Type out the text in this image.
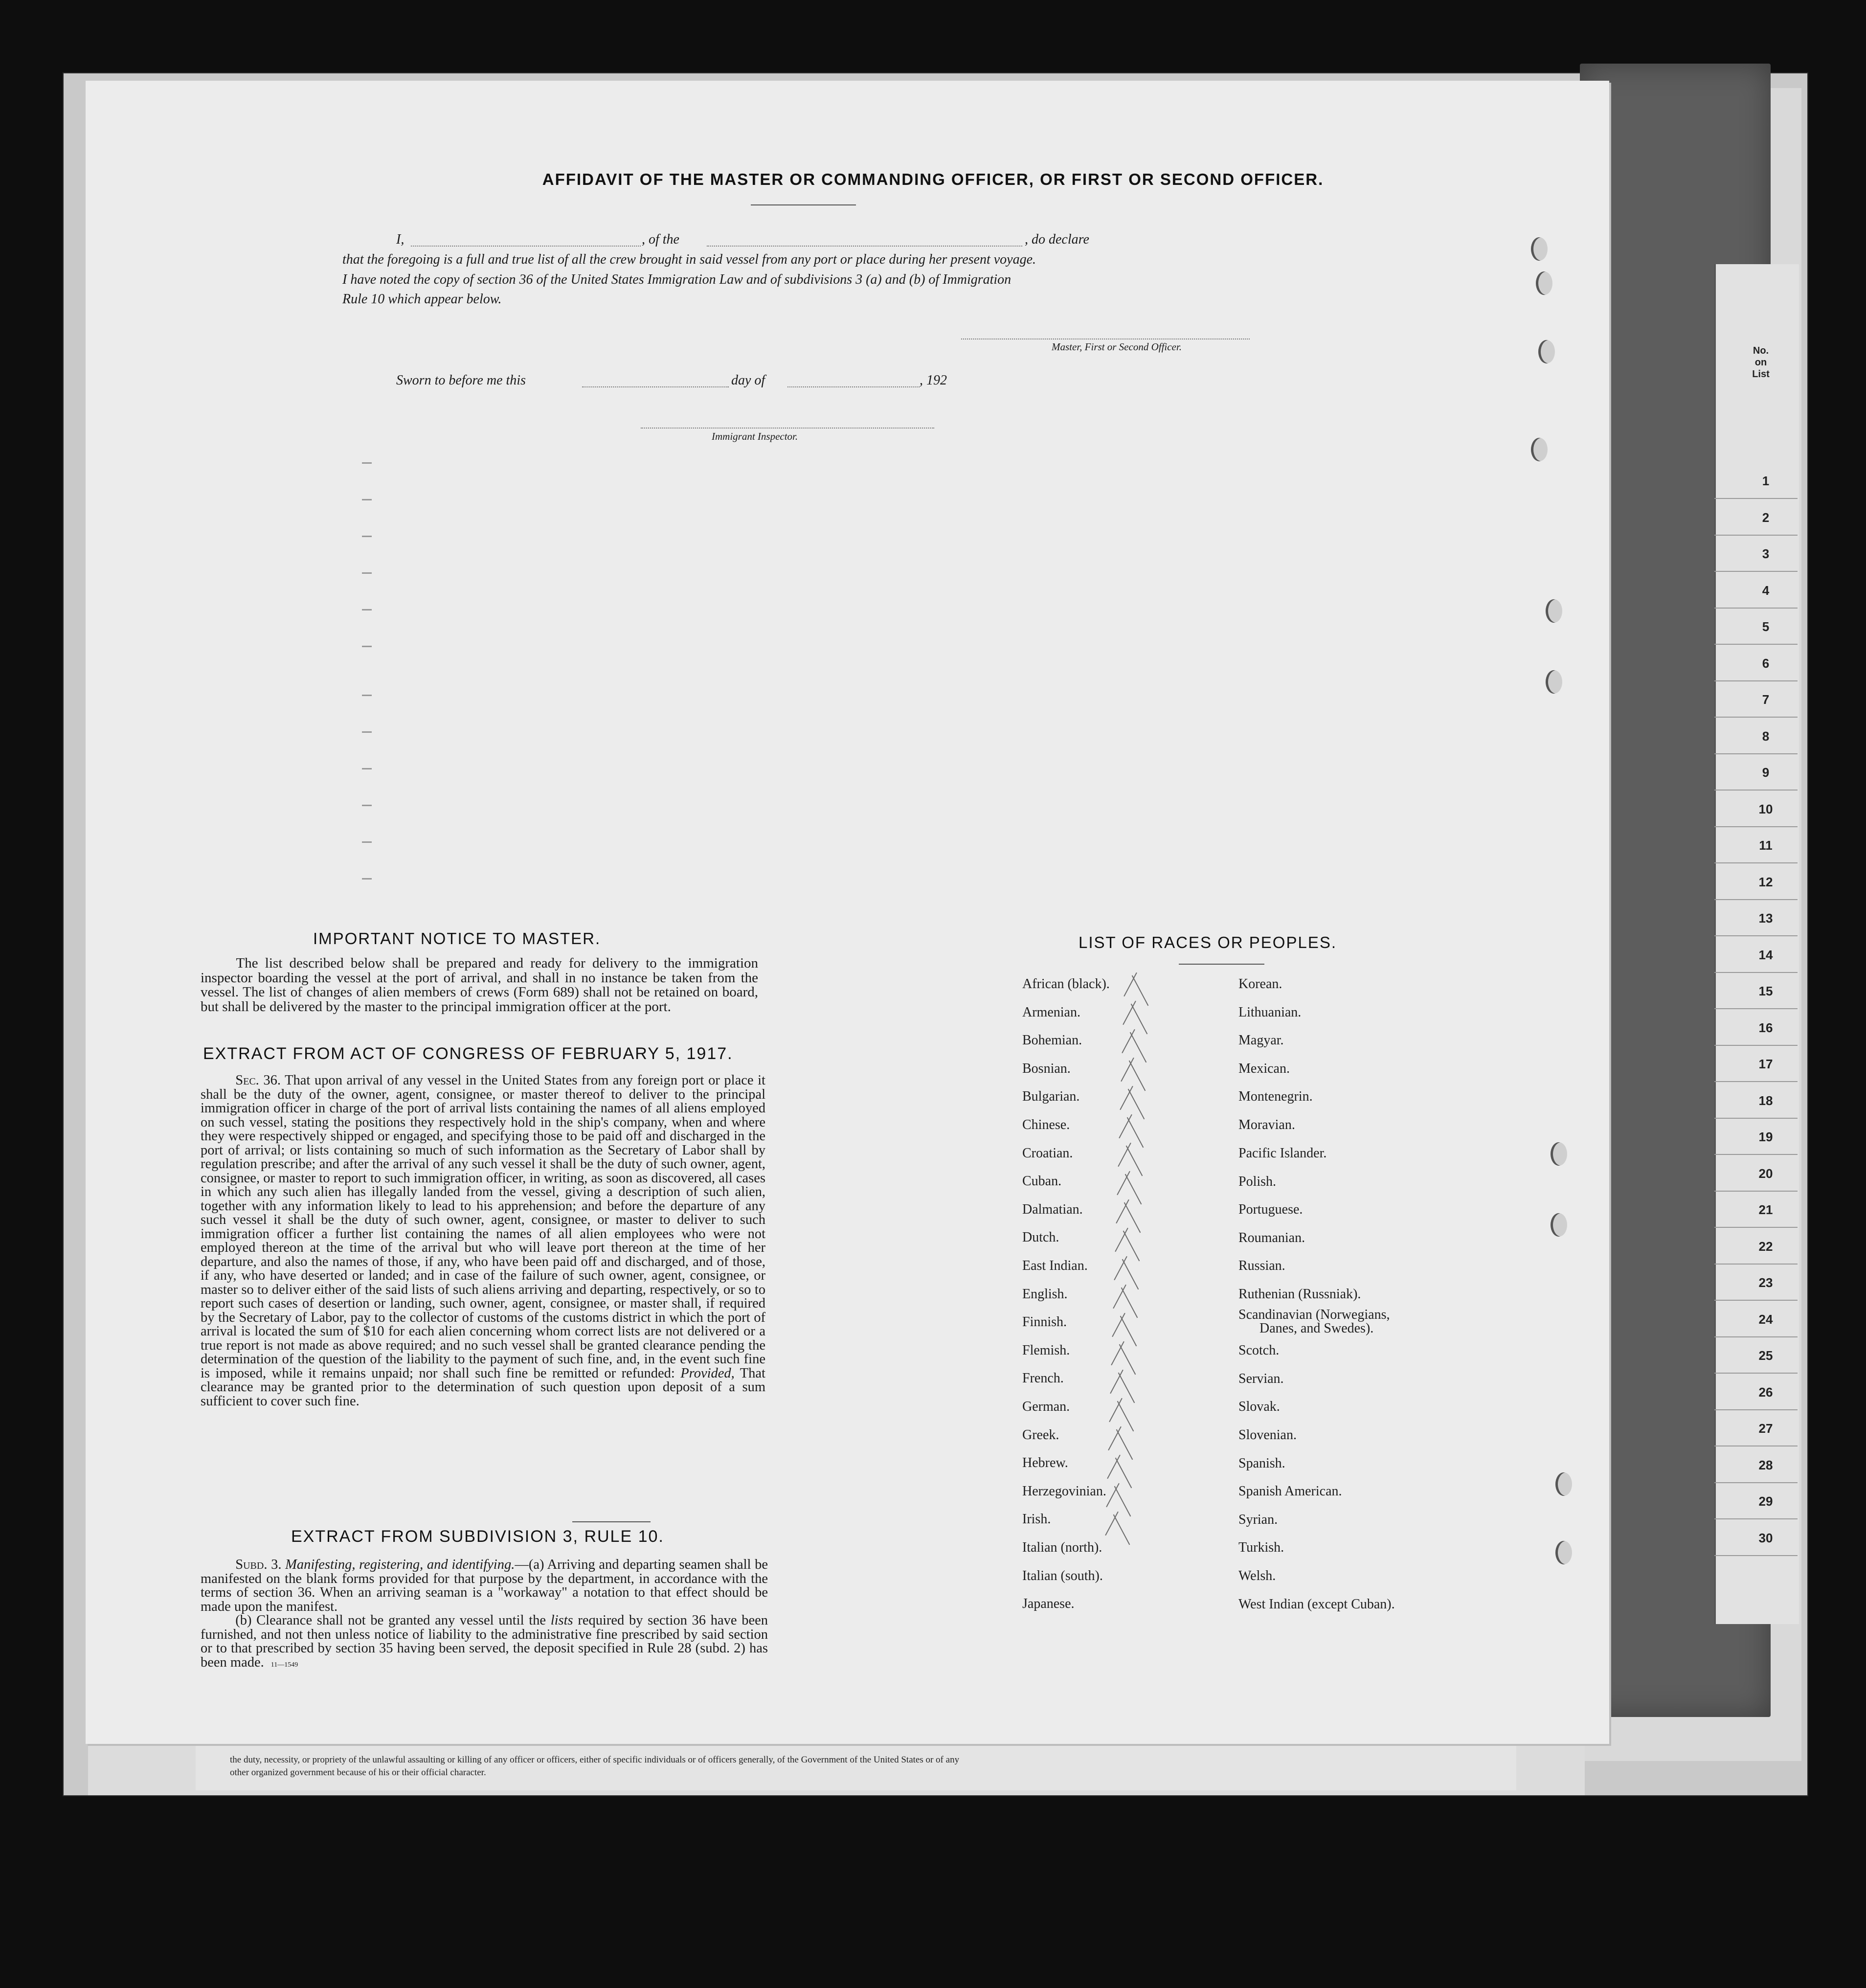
No.
on
List
1
2
3
4
5
6
7
8
9
10
11
12
13
14
15
16
17
18
19
20
21
22
23
24
25
26
27
28
29
30
the duty, necessity, or propriety of the unlawful assaulting or killing of any officer or officers, either of specific individuals or of officers generally, of the Government of the United States or of any
other organized government because of his or their official character.
AFFIDAVIT OF THE MASTER OR COMMANDING OFFICER, OR FIRST OR SECOND OFFICER.
I,	, of the	, do declare
that the foregoing is a full and true list of all the crew brought in said vessel from any port or place during her present voyage.
I have noted the copy of section 36 of the United States Immigration Law and of subdivisions 3 (a) and (b) of Immigration
Rule 10 which appear below.
Master, First or Second Officer.
Sworn to before me this	day of	, 192
Immigrant Inspector.
IMPORTANT NOTICE TO MASTER.
The list described below shall be prepared and ready for delivery to the immigration inspector boarding the vessel at the port of arrival, and shall in no instance be taken from the vessel. The list of changes of alien members of crews (Form 689) shall not be retained on board, but shall be delivered by the master to the principal immigration officer at the port.
EXTRACT FROM ACT OF CONGRESS OF FEBRUARY 5, 1917.
Sec. 36. That upon arrival of any vessel in the United States from any foreign port or place it shall be the duty of the owner, agent, consignee, or master thereof to deliver to the principal immigration officer in charge of the port of arrival lists containing the names of all aliens employed on such vessel, stating the positions they respectively hold in the ship's company, when and where they were respectively shipped or engaged, and specifying those to be paid off and discharged in the port of arrival; or lists containing so much of such information as the Secretary of Labor shall by regulation prescribe; and after the arrival of any such vessel it shall be the duty of such owner, agent, consignee, or master to report to such immigration officer, in writing, as soon as discovered, all cases in which any such alien has illegally landed from the vessel, giving a description of such alien, together with any information likely to lead to his apprehension; and before the departure of any such vessel it shall be the duty of such owner, agent, consignee, or master to deliver to such immigration officer a further list containing the names of all alien employees who were not employed thereon at the time of the arrival but who will leave port thereon at the time of her departure, and also the names of those, if any, who have been paid off and discharged, and of those, if any, who have deserted or landed; and in case of the failure of such owner, agent, consignee, or master so to deliver either of the said lists of such aliens arriving and departing, respectively, or so to report such cases of desertion or landing, such owner, agent, consignee, or master shall, if required by the Secretary of Labor, pay to the collector of customs of the customs district in which the port of arrival is located the sum of $10 for each alien concerning whom correct lists are not delivered or a true report is not made as above required; and no such vessel shall be granted clearance pending the determination of the question of the liability to the payment of such fine, and, in the event such fine is imposed, while it remains unpaid; nor shall such fine be remitted or refunded: Provided, That clearance may be granted prior to the determination of such question upon deposit of a sum sufficient to cover such fine.
EXTRACT FROM SUBDIVISION 3, RULE 10.
Subd. 3. Manifesting, registering, and identifying.—(a) Arriving and departing seamen shall be manifested on the blank forms provided for that purpose by the department, in accordance with the terms of section 36. When an arriving seaman is a "workaway" a notation to that effect should be made upon the manifest.
(b) Clearance shall not be granted any vessel until the lists required by section 36 have been furnished, and not then unless notice of liability to the administrative fine prescribed by said section or to that prescribed by section 35 having been served, the deposit specified in Rule 28 (subd. 2) has been made. 11—1549
LIST OF RACES OR PEOPLES.
African (black).
Armenian.
Bohemian.
Bosnian.
Bulgarian.
Chinese.
Croatian.
Cuban.
Dalmatian.
Dutch.
East Indian.
English.
Finnish.
Flemish.
French.
German.
Greek.
Hebrew.
Herzegovinian.
Irish.
Italian (north).
Italian (south).
Japanese.
Korean.
Lithuanian.
Magyar.
Mexican.
Montenegrin.
Moravian.
Pacific Islander.
Polish.
Portuguese.
Roumanian.
Russian.
Ruthenian (Russniak).
Scandinavian (Norwegians,
Danes, and Swedes).
Scotch.
Servian.
Slovak.
Slovenian.
Spanish.
Spanish American.
Syrian.
Turkish.
Welsh.
West Indian (except Cuban).
